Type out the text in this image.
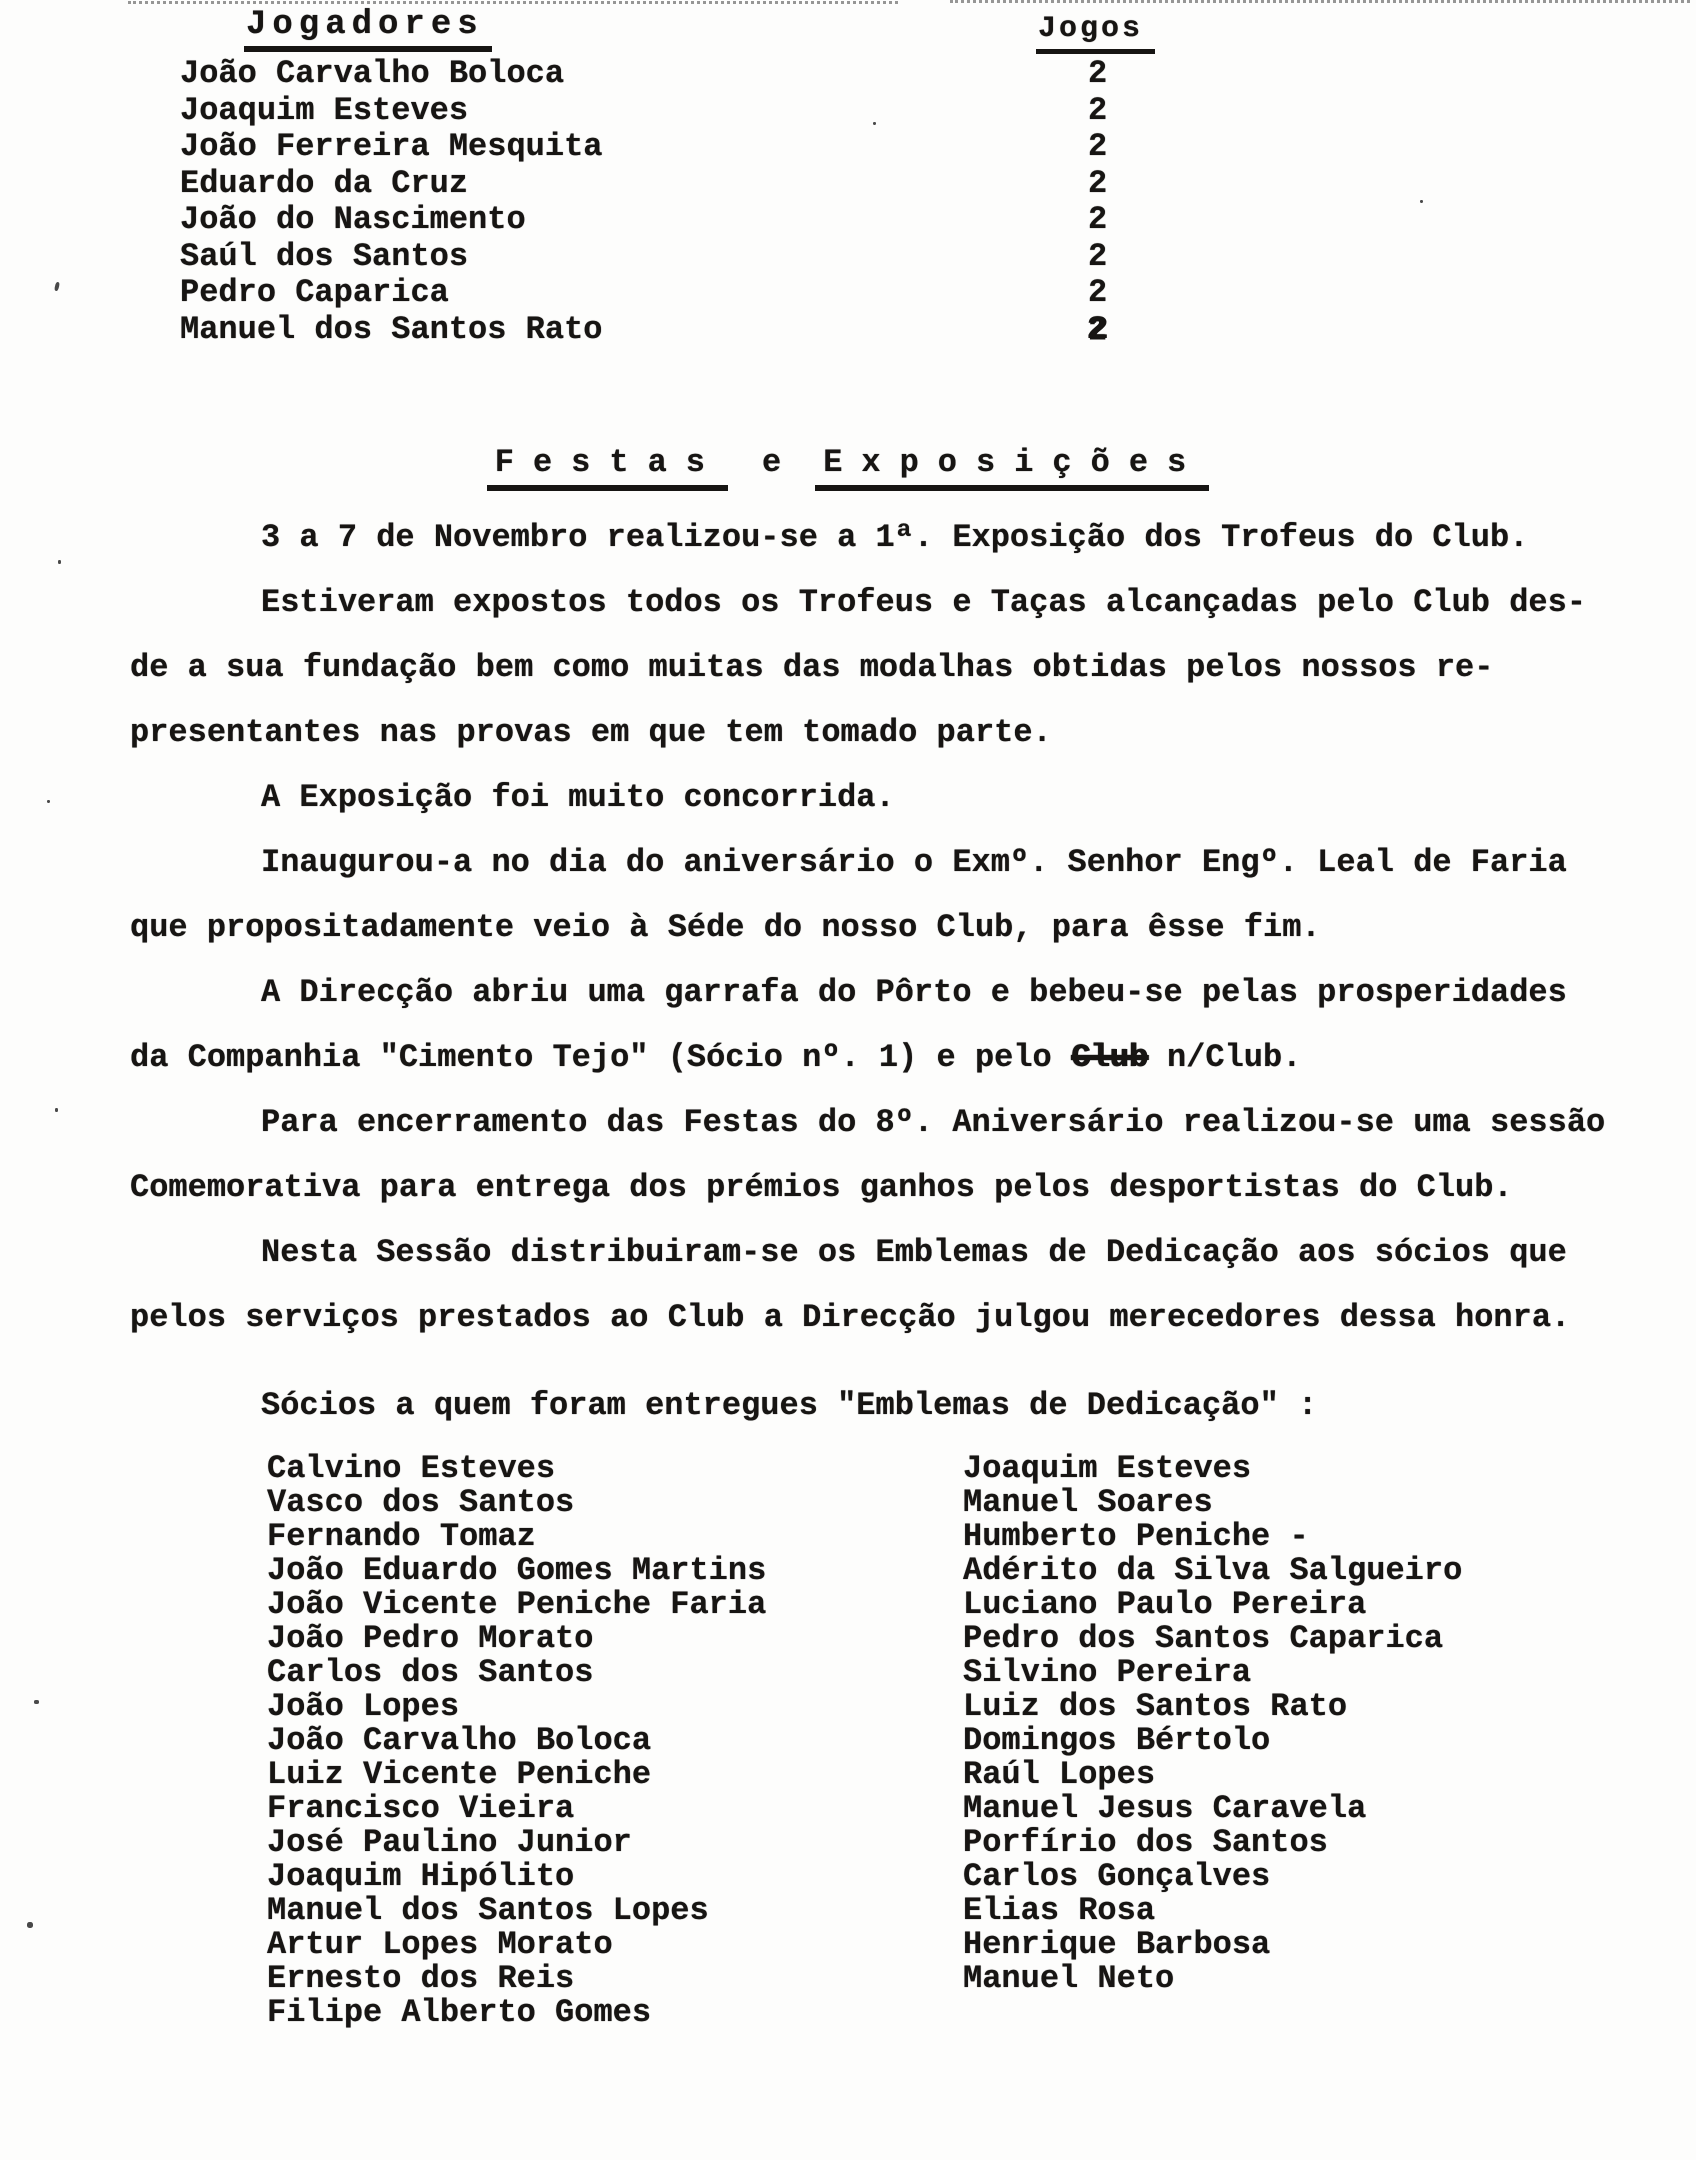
Jogadores	Jogos
João Carvalho Boloca	2
Joaquim Esteves	2
João Ferreira Mesquita	2
Eduardo da Cruz	2
João do Nascimento	2
Saúl dos Santos	2
Pedro Caparica	2
Manuel dos Santos Rato	2
Festas e Exposições
3 a 7 de Novembro realizou-se a 1ª. Exposição dos Trofeus do Club.
Estiveram expostos todos os Trofeus e Taças alcançadas pelo Club des-
de a sua fundação bem como muitas das modalhas obtidas pelos nossos re-
presentantes nas provas em que tem tomado parte.
A Exposição foi muito concorrida.
Inaugurou-a no dia do aniversário o Exmº. Senhor Engº. Leal de Faria
que propositadamente veio à Séde do nosso Club, para êsse fim.
A Direcção abriu uma garrafa do Pôrto e bebeu-se pelas prosperidades
da Companhia "Cimento Tejo" (Sócio nº. 1) e pelo Club n/Club.
Para encerramento das Festas do 8º. Aniversário realizou-se uma sessão
Comemorativa para entrega dos prémios ganhos pelos desportistas do Club.
Nesta Sessão distribuiram-se os Emblemas de Dedicação aos sócios que
pelos serviços prestados ao Club a Direcção julgou merecedores dessa honra.
Sócios a quem foram entregues "Emblemas de Dedicação" :
Calvino Esteves
Vasco dos Santos
Fernando Tomaz
João Eduardo Gomes Martins
João Vicente Peniche Faria
João Pedro Morato
Carlos dos Santos
João Lopes
João Carvalho Boloca
Luiz Vicente Peniche
Francisco Vieira
José Paulino Junior
Joaquim Hipólito
Manuel dos Santos Lopes
Artur Lopes Morato
Ernesto dos Reis
Filipe Alberto Gomes
Joaquim Esteves
Manuel Soares
Humberto Peniche -
Adérito da Silva Salgueiro
Luciano Paulo Pereira
Pedro dos Santos Caparica
Silvino Pereira
Luiz dos Santos Rato
Domingos Bértolo
Raúl Lopes
Manuel Jesus Caravela
Porfírio dos Santos
Carlos Gonçalves
Elias Rosa
Henrique Barbosa
Manuel Neto
